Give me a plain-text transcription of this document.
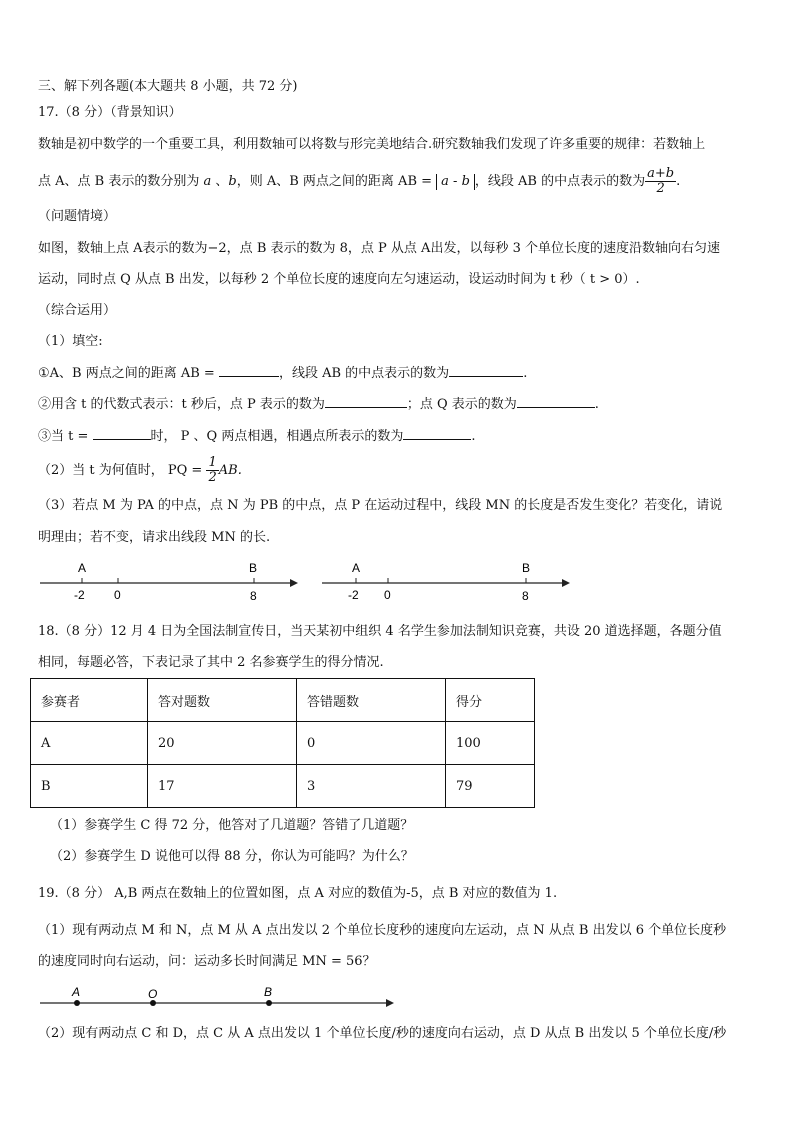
三、解下列各题(本大题共 8 小题，共 72 分)
17.（8 分）（背景知识）
数轴是初中数学的一个重要工具，利用数轴可以将数与形完美地结合.研究数轴我们发现了许多重要的规律：若数轴上
点 A、点 B 表示的数分别为 a 、b，则 A、B 两点之间的距离 AB = a - b ，线段 AB 的中点表示的数为 $\frac{a+b}{2}$ .
（问题情境）
如图，数轴上点 A表示的数为−2，点 B 表示的数为 8，点 P 从点 A出发，以每秒 3 个单位长度的速度沿数轴向右匀速
运动，同时点 Q 从点 B 出发，以每秒 2 个单位长度的速度向左匀速运动，设运动时间为 t 秒（ t > 0）.
（综合运用）
（1）填空:
①A、B 两点之间的距离 AB =	，线段 AB 的中点表示的数为	.
②用含 t 的代数式表示：t 秒后，点 P 表示的数为	；点 Q 表示的数为	.
③当 t =	时， P 、Q 两点相遇，相遇点所表示的数为	.
（2）当 t 为何值时， PQ = $\frac{1}{2}$ AB.
（3）若点 M 为 PA 的中点，点 N 为 PB 的中点，点 P 在运动过程中，线段 MN 的长度是否发生变化？若变化，请说
明理由；若不变，请求出线段 MN 的长.
A	B
-2 0	8
A	B
-2 0	8
18.（8 分）12 月 4 日为全国法制宣传日，当天某初中组织 4 名学生参加法制知识竞赛，共设 20 道选择题，各题分值
相同，每题必答，下表记录了其中 2 名参赛学生的得分情况.
参赛者	答对题数	答错题数	得分
A	20	0	100
B	17	3	79
（1）参赛学生 C 得 72 分，他答对了几道题？答错了几道题？
（2）参赛学生 D 说他可以得 88 分，你认为可能吗？为什么？
19.（8 分） A,B 两点在数轴上的位置如图，点 A 对应的数值为-5，点 B 对应的数值为 1.
（1）现有两动点 M 和 N，点 M 从 A 点出发以 2 个单位长度秒的速度向左运动，点 N 从点 B 出发以 6 个单位长度秒
的速度同时向右运动，问：运动多长时间满足 MN = 56？
A	O	B
（2）现有两动点 C 和 D，点 C 从 A 点出发以 1 个单位长度/秒的速度向右运动，点 D 从点 B 出发以 5 个单位长度/秒
